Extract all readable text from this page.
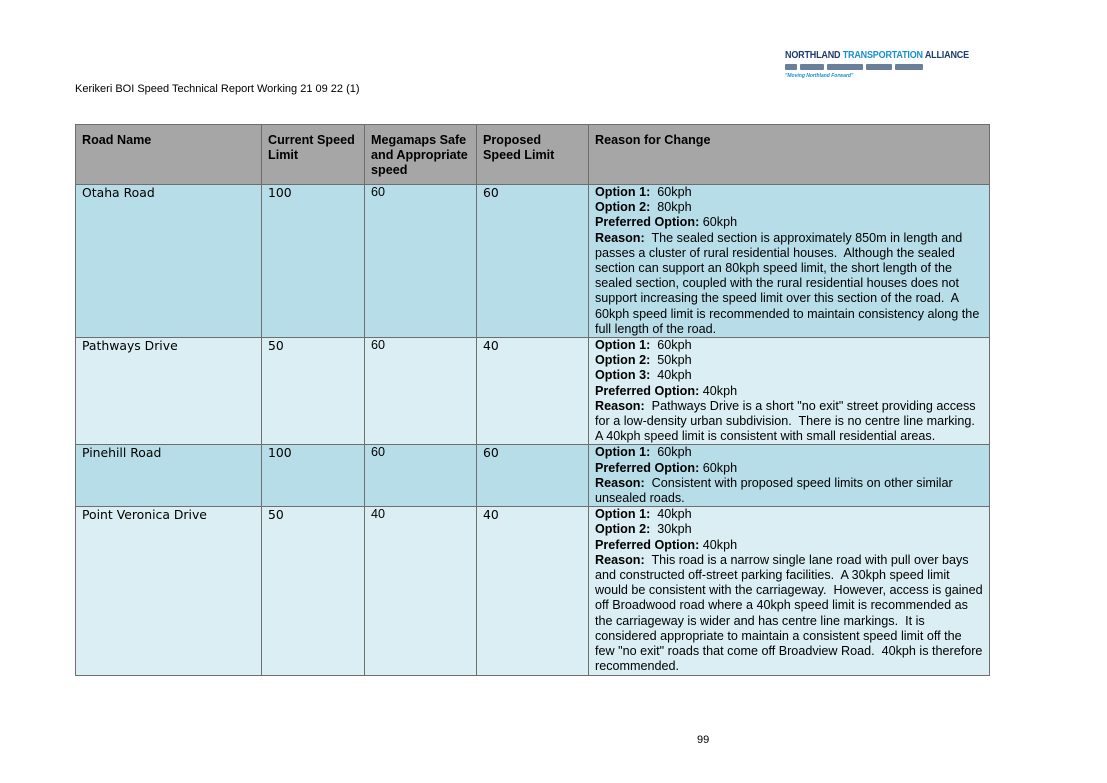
Kerikeri BOI Speed Technical Report Working 21 09 22 (1)
NORTHLAND TRANSPORTATION ALLIANCE
"Moving Northland Forward"
Road Name	Current Speed Limit	Megamaps Safe and Appropriate speed	Proposed Speed Limit	Reason for Change
Otaha Road	100	60	60	Option 1:  60kph
Option 2:  80kph
Preferred Option: 60kph
Reason:  The sealed section is approximately 850m in length and passes a cluster of rural residential houses.  Although the sealed section can support an 80kph speed limit, the short length of the sealed section, coupled with the rural residential houses does not support increasing the speed limit over this section of the road.  A 60kph speed limit is recommended to maintain consistency along the full length of the road.

Pathways Drive	50	60	40	Option 1:  60kph
Option 2:  50kph
Option 3:  40kph
Preferred Option: 40kph
Reason:  Pathways Drive is a short "no exit" street providing access for a low-density urban subdivision.  There is no centre line marking.  A 40kph speed limit is consistent with small residential areas.

Pinehill Road	100	60	60	Option 1:  60kph
Preferred Option: 60kph
Reason:  Consistent with proposed speed limits on other similar unsealed roads.

Point Veronica Drive	50	40	40	Option 1:  40kph
Option 2:  30kph
Preferred Option: 40kph
Reason:  This road is a narrow single lane road with pull over bays and constructed off-street parking facilities.  A 30kph speed limit would be consistent with the carriageway.  However, access is gained off Broadwood road where a 40kph speed limit is recommended as the carriageway is wider and has centre line markings.  It is considered appropriate to maintain a consistent speed limit off the few "no exit" roads that come off Broadview Road.  40kph is therefore recommended.
99
